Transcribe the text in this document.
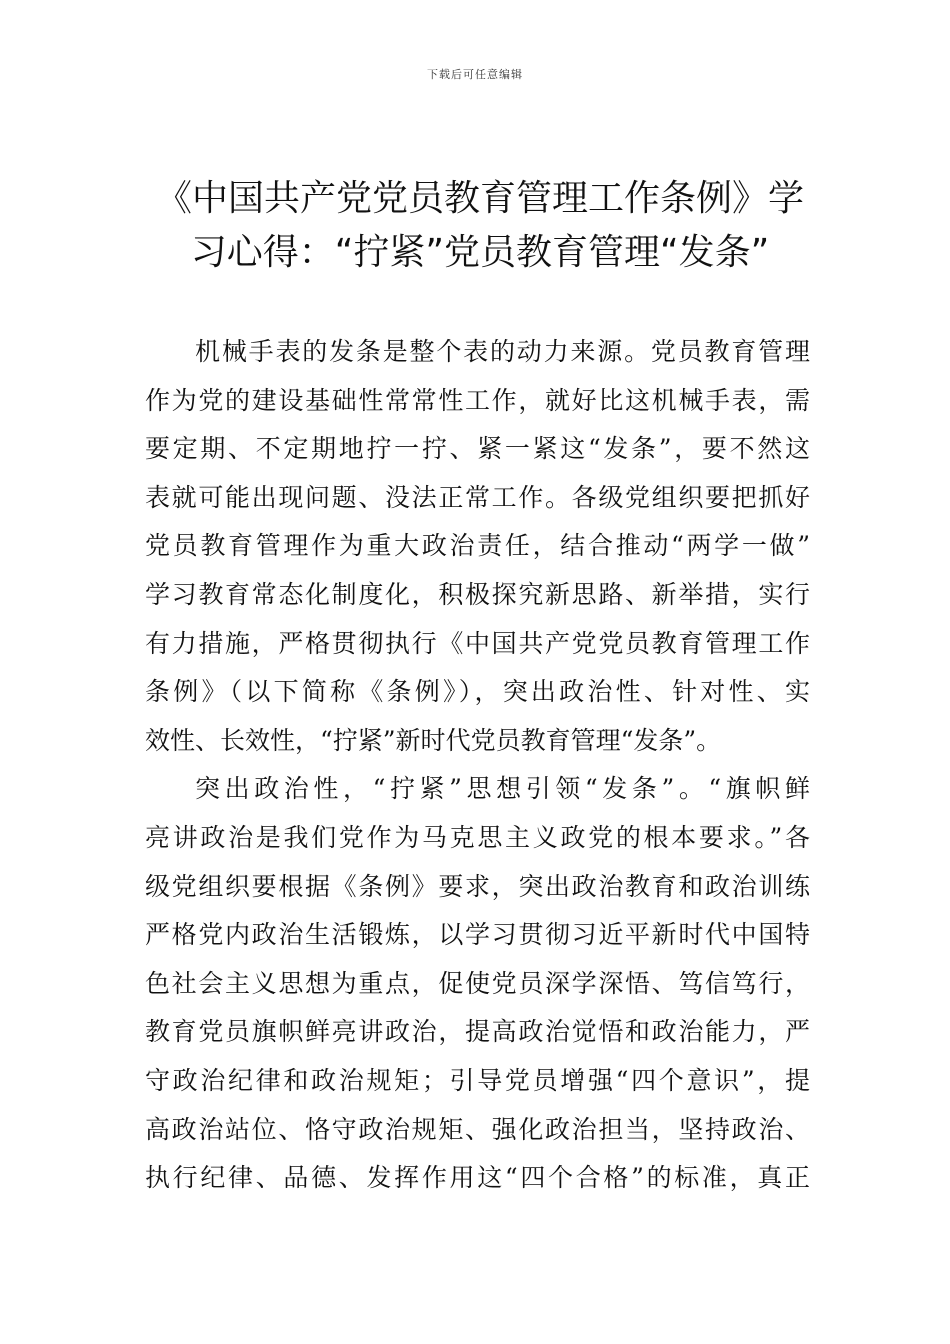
下载后可任意编辑
《中国共产党党员教育管理工作条例》学
习心得：“拧紧”党员教育管理“发条”
机械手表的发条是整个表的动力来源。党员教育管理
作为党的建设基础性常常性工作，就好比这机械手表，需
要定期、不定期地拧一拧、紧一紧这“发条”，要不然这
表就可能出现问题、没法正常工作。各级党组织要把抓好
党员教育管理作为重大政治责任，结合推动“两学一做”
学习教育常态化制度化，积极探究新思路、新举措，实行
有力措施，严格贯彻执行《中国共产党党员教育管理工作
条例》（以下简称《条例》），突出政治性、针对性、实
效性、长效性，“拧紧”新时代党员教育管理“发条”。
突出政治性，“拧紧”思想引领“发条”。“旗帜鲜
亮讲政治是我们党作为马克思主义政党的根本要求。”各
级党组织要根据《条例》要求，突出政治教育和政治训练
严格党内政治生活锻炼，以学习贯彻习近平新时代中国特
色社会主义思想为重点，促使党员深学深悟、笃信笃行，
教育党员旗帜鲜亮讲政治，提高政治觉悟和政治能力，严
守政治纪律和政治规矩；引导党员增强“四个意识”，提
高政治站位、恪守政治规矩、强化政治担当，坚持政治、
执行纪律、品德、发挥作用这“四个合格”的标准，真正
